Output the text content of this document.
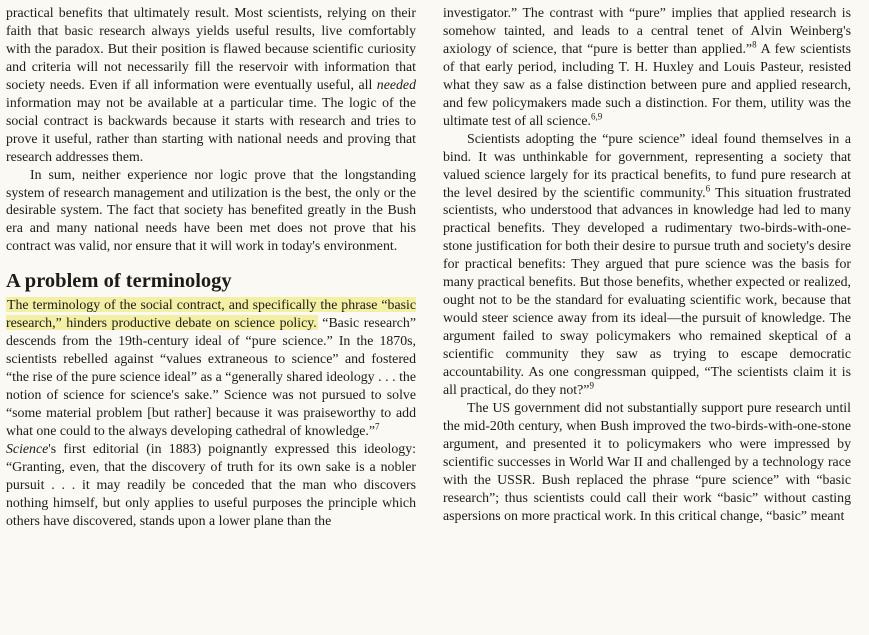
practical benefits that ultimately result. Most scientists, relying on their faith that basic research always yields useful results, live comfortably with the paradox. But their position is flawed because scientific curiosity and criteria will not necessarily fill the reservoir with information that society needs. Even if all information were eventually useful, all needed information may not be available at a particular time. The logic of the social contract is backwards because it starts with research and tries to prove it useful, rather than starting with national needs and proving that research addresses them.

In sum, neither experience nor logic prove that the longstanding system of research management and utilization is the best, the only or the desirable system. The fact that society has benefited greatly in the Bush era and many national needs have been met does not prove that his contract was valid, nor ensure that it will work in today's environment.

A problem of terminology

The terminology of the social contract, and specifically the phrase “basic research,” hinders productive debate on science policy. “Basic research” descends from the 19th-century ideal of “pure science.” In the 1870s, scientists rebelled against “values extraneous to science” and fostered “the rise of the pure science ideal” as a “generally shared ideology . . . the notion of science for science's sake.” Science was not pursued to solve “some material problem [but rather] because it was praiseworthy to add what one could to the always developing cathedral of knowledge.”$^7$
Science's first editorial (in 1883) poignantly expressed this ideology: “Granting, even, that the discovery of truth for its own sake is a nobler pursuit . . . it may readily be conceded that the man who discovers nothing himself, but only applies to useful purposes the principle which others have discovered, stands upon a lower plane than the

investigator.” The contrast with “pure” implies that applied research is somehow tainted, and leads to a central tenet of Alvin Weinberg's axiology of science, that “pure is better than applied.”$^8$ A few scientists of that early period, including T. H. Huxley and Louis Pasteur, resisted what they saw as a false distinction between pure and applied research, and few policymakers made such a distinction. For them, utility was the ultimate test of all science.$^{6,9}$

Scientists adopting the “pure science” ideal found themselves in a bind. It was unthinkable for government, representing a society that valued science largely for its practical benefits, to fund pure research at the level desired by the scientific community.$^6$ This situation frustrated scientists, who understood that advances in knowledge had led to many practical benefits. They developed a rudimentary two-birds-with-one-stone justification for both their desire to pursue truth and society's desire for practical benefits: They argued that pure science was the basis for many practical benefits. But those benefits, whether expected or realized, ought not to be the standard for evaluating scientific work, because that would steer science away from its ideal—the pursuit of knowledge. The argument failed to sway policymakers who remained skeptical of a scientific community they saw as trying to escape democratic accountability. As one congressman quipped, “The scientists claim it is all practical, do they not?”$^9$

The US government did not substantially support pure research until the mid-20th century, when Bush improved the two-birds-with-one-stone argument, and presented it to policymakers who were impressed by scientific successes in World War II and challenged by a technology race with the USSR. Bush replaced the phrase “pure science” with “basic research”; thus scientists could call their work “basic” without casting aspersions on more practical work. In this critical change, “basic” meant
